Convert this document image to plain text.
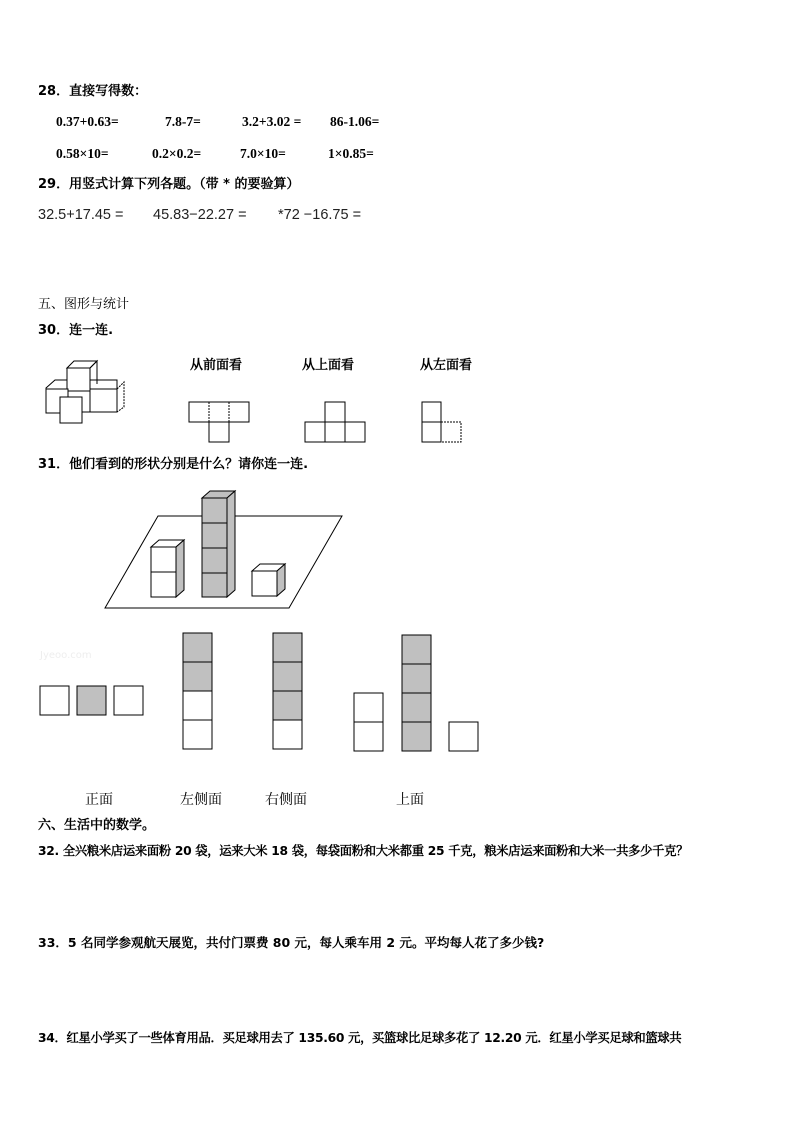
28．直接写得数：
0.37+0.63=	7.8-7=	3.2+3.02 = 86-1.06=
0.58×10=	0.2×0.2=	7.0×10=	1×0.85=
29．用竖式计算下列各题。（带 * 的要验算）
32.5+17.45 = 45.83−22.27 = *72 −16.75 =
五、图形与统计
30．连一连.
从前面看	从上面看	从左面看
31．他们看到的形状分别是什么？请你连一连.
Jyeoo.com
正面	左侧面	右侧面	上面
六、生活中的数学。
32. 全兴粮米店运来面粉 20 袋，运来大米 18 袋，每袋面粉和大米都重 25 千克，粮米店运来面粉和大米一共多少千克？
33．5 名同学参观航天展览，共付门票费 80 元，每人乘车用 2 元。平均每人花了多少钱?
34．红星小学买了一些体育用品．买足球用去了 135.60 元，买篮球比足球多花了 12.20 元．红星小学买足球和篮球共
